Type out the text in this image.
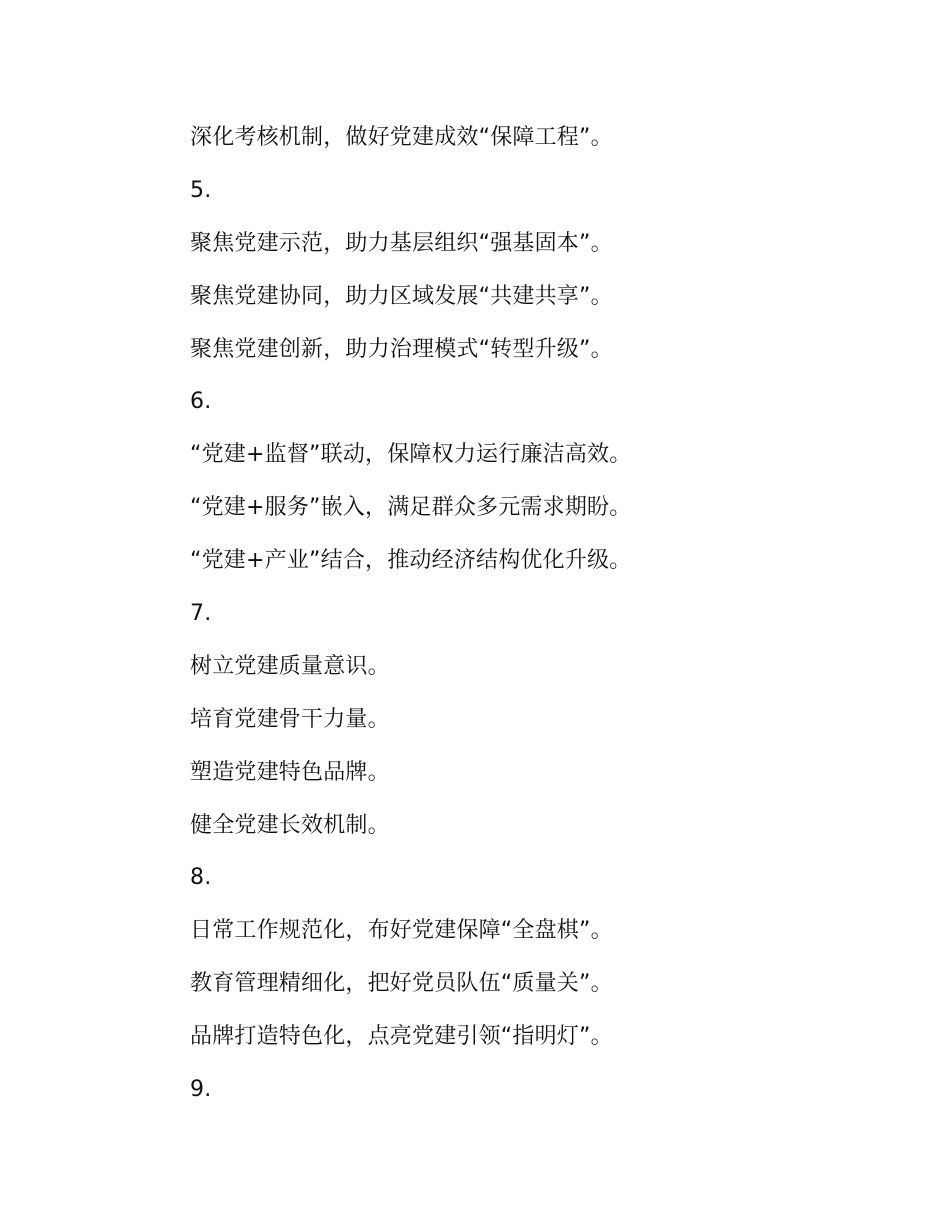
深化考核机制，做好党建成效“保障工程”。
5.
聚焦党建示范，助力基层组织“强基固本”。
聚焦党建协同，助力区域发展“共建共享”。
聚焦党建创新，助力治理模式“转型升级”。
6.
“党建+监督”联动，保障权力运行廉洁高效。
“党建+服务”嵌入，满足群众多元需求期盼。
“党建+产业”结合，推动经济结构优化升级。
7.
树立党建质量意识。
培育党建骨干力量。
塑造党建特色品牌。
健全党建长效机制。
8.
日常工作规范化，布好党建保障“全盘棋”。
教育管理精细化，把好党员队伍“质量关”。
品牌打造特色化，点亮党建引领“指明灯”。
9.
